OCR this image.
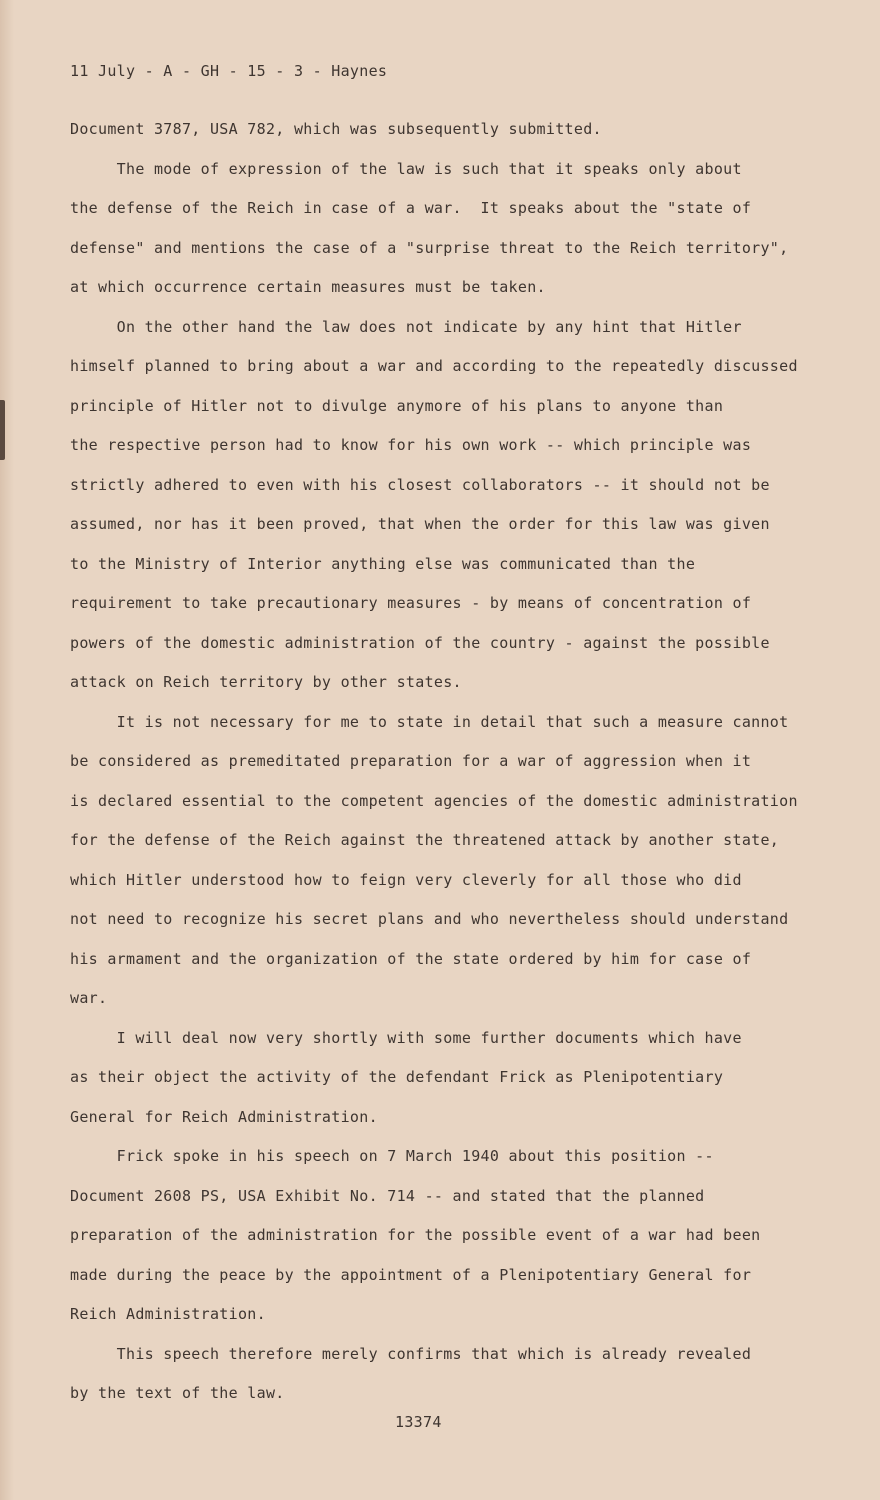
11 July - A - GH - 15 - 3 - Haynes

Document 3787, USA 782, which was subsequently submitted.

The mode of expression of the law is such that it speaks only about

the defense of the Reich in case of a war.  It speaks about the "state of

defense" and mentions the case of a "surprise threat to the Reich territory",

at which occurrence certain measures must be taken.

On the other hand the law does not indicate by any hint that Hitler

himself planned to bring about a war and according to the repeatedly discussed

principle of Hitler not to divulge anymore of his plans to anyone than

the respective person had to know for his own work -- which principle was

strictly adhered to even with his closest collaborators -- it should not be

assumed, nor has it been proved, that when the order for this law was given

to the Ministry of Interior anything else was communicated than the

requirement to take precautionary measures - by means of concentration of

powers of the domestic administration of the country - against the possible

attack on Reich territory by other states.

It is not necessary for me to state in detail that such a measure cannot

be considered as premeditated preparation for a war of aggression when it

is declared essential to the competent agencies of the domestic administration

for the defense of the Reich against the threatened attack by another state,

which Hitler understood how to feign very cleverly for all those who did

not need to recognize his secret plans and who nevertheless should understand

his armament and the organization of the state ordered by him for case of

war.

I will deal now very shortly with some further documents which have

as their object the activity of the defendant Frick as Plenipotentiary

General for Reich Administration.

Frick spoke in his speech on 7 March 1940 about this position --

Document 2608 PS, USA Exhibit No. 714 -- and stated that the planned

preparation of the administration for the possible event of a war had been

made during the peace by the appointment of a Plenipotentiary General for

Reich Administration.

This speech therefore merely confirms that which is already revealed

by the text of the law.

13374
